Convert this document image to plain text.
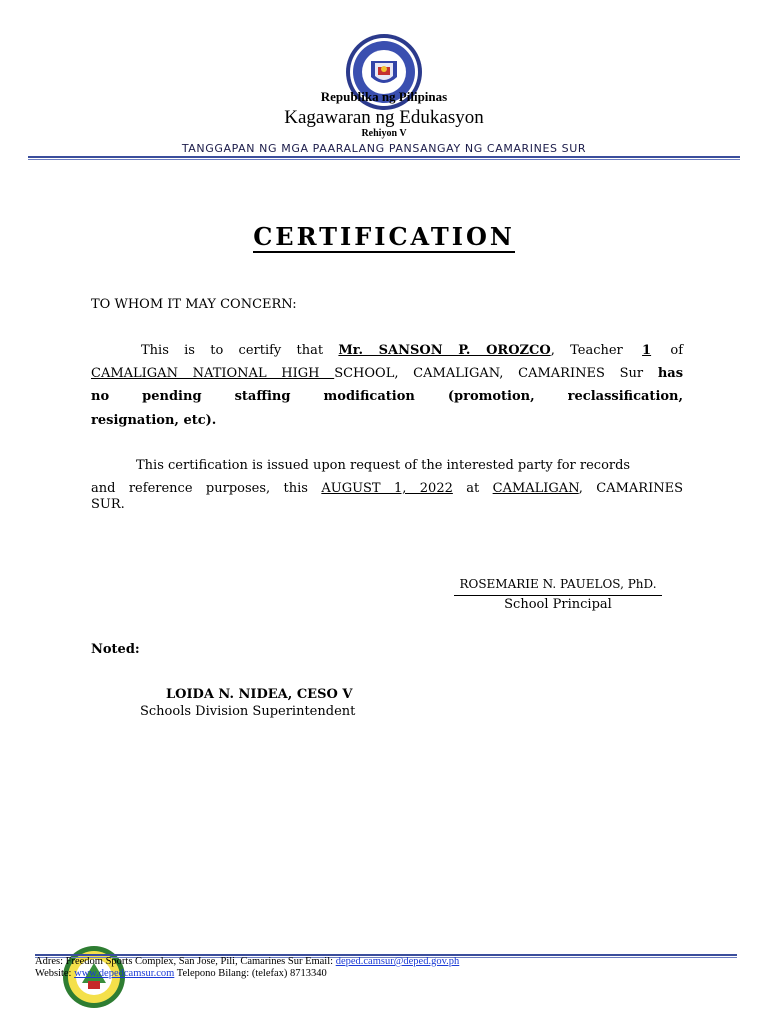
Republika ng Pilipinas
Kagawaran ng Edukasyon
Rehiyon V
TANGGAPAN NG MGA PAARALANG PANSANGAY NG CAMARINES SUR
CERTIFICATION
TO WHOM IT MAY CONCERN:
This is to certify that Mr. SANSON P. OROZCO, Teacher 1 of
CAMALIGAN NATIONAL HIGH SCHOOL, CAMALIGAN, CAMARINES Sur has
no	pending	staffing	modification	(promotion,	reclassification,
resignation, etc).
This certification is issued upon request of the interested party for records
and reference purposes, this AUGUST 1, 2022 at CAMALIGAN, CAMARINES
SUR.
ROSEMARIE N. PAUELOS, PhD.
School Principal
Noted:
LOIDA N. NIDEA, CESO V
Schools Division Superintendent
Adres: Freedom Sports Complex, San Jose, Pili, Camarines Sur Email: deped.camsur@deped.gov.ph
Website: www.depedcamsur.com Telepono Bilang: (telefax) 8713340
